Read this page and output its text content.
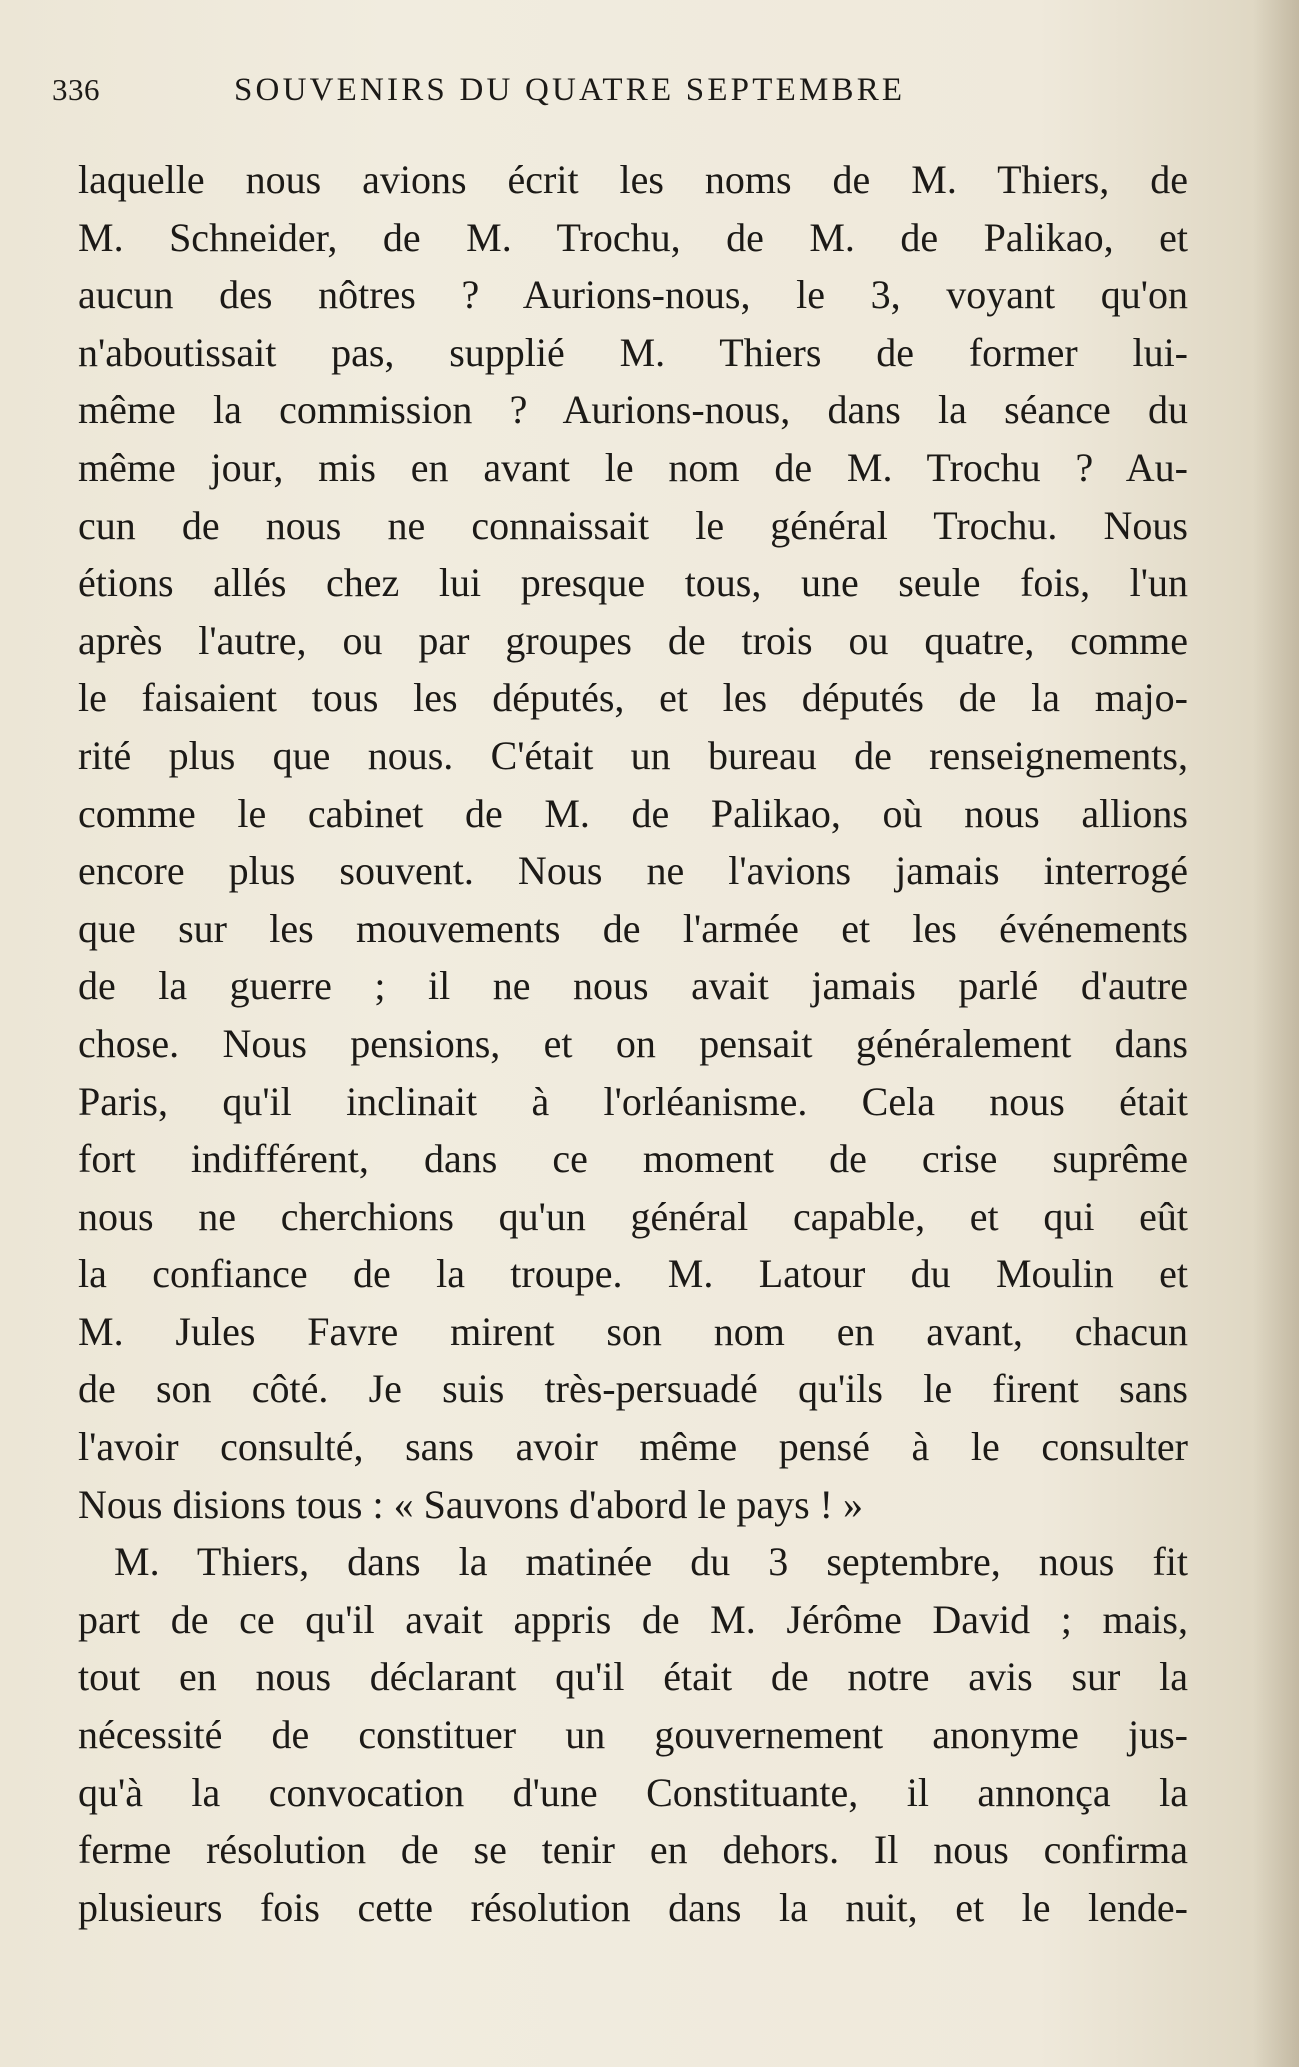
336	SOUVENIRS DU QUATRE SEPTEMBRE
laquelle nous avions écrit les noms de M. Thiers, de
M. Schneider, de M. Trochu, de M. de Palikao, et
aucun des nôtres ? Aurions-nous, le 3, voyant qu'on
n'aboutissait pas, supplié M. Thiers de former lui-
même la commission ? Aurions-nous, dans la séance du
même jour, mis en avant le nom de M. Trochu ? Au-
cun de nous ne connaissait le général Trochu. Nous
étions allés chez lui presque tous, une seule fois, l'un
après l'autre, ou par groupes de trois ou quatre, comme
le faisaient tous les députés, et les députés de la majo-
rité plus que nous. C'était un bureau de renseignements,
comme le cabinet de M. de Palikao, où nous allions
encore plus souvent. Nous ne l'avions jamais interrogé
que sur les mouvements de l'armée et les événements
de la guerre ; il ne nous avait jamais parlé d'autre
chose. Nous pensions, et on pensait généralement dans
Paris, qu'il inclinait à l'orléanisme. Cela nous était
fort indifférent, dans ce moment de crise suprême
nous ne cherchions qu'un général capable, et qui eût
la confiance de la troupe. M. Latour du Moulin et
M. Jules Favre mirent son nom en avant, chacun
de son côté. Je suis très-persuadé qu'ils le firent sans
l'avoir consulté, sans avoir même pensé à le consulter
Nous disions tous : « Sauvons d'abord le pays ! »
M. Thiers, dans la matinée du 3 septembre, nous fit
part de ce qu'il avait appris de M. Jérôme David ; mais,
tout en nous déclarant qu'il était de notre avis sur la
nécessité de constituer un gouvernement anonyme jus-
qu'à la convocation d'une Constituante, il annonça la
ferme résolution de se tenir en dehors. Il nous confirma
plusieurs fois cette résolution dans la nuit, et le lende-
